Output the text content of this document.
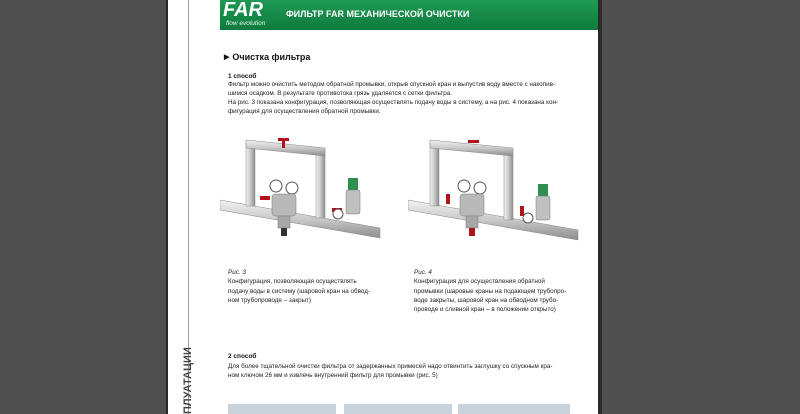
FAR
flow evolution
ФИЛЬТР FAR МЕХАНИЧЕСКОЙ ОЧИСТКИ
▶ Очистка фильтра
1 способ
Фильтр можно очистить методом обратной промывки, открыв спускной кран и выпустив воду вместе с накопив-
шимся осадком. В результате противотока грязь удаляется с сетки фильтра.
На рис. 3 показана конфигурация, позволяющая осуществлять подачу воды в систему, а на рис. 4 показана кон-
фигурация для осуществления обратной промывки.
Рис. 3
Конфигурация, позволяющая осуществлять
подачу воды в систему (шаровой кран на обвод-
ном трубопроводе – закрыт)
Рис. 4
Конфигурация для осуществления обратной
промывки (шаровые краны на подающем трубопро-
воде закрыты, шаровой кран на обводном трубо-
проводе и сливной кран – в положении открыто)
2 способ
Для более тщательной очистки фильтра от задержанных примесей надо отвинтить заглушку со спускным кра-
ном ключом 26 мм и извлечь внутренний фильтр для промывки (рис. 5)
ПЛУАТАЦИИ
